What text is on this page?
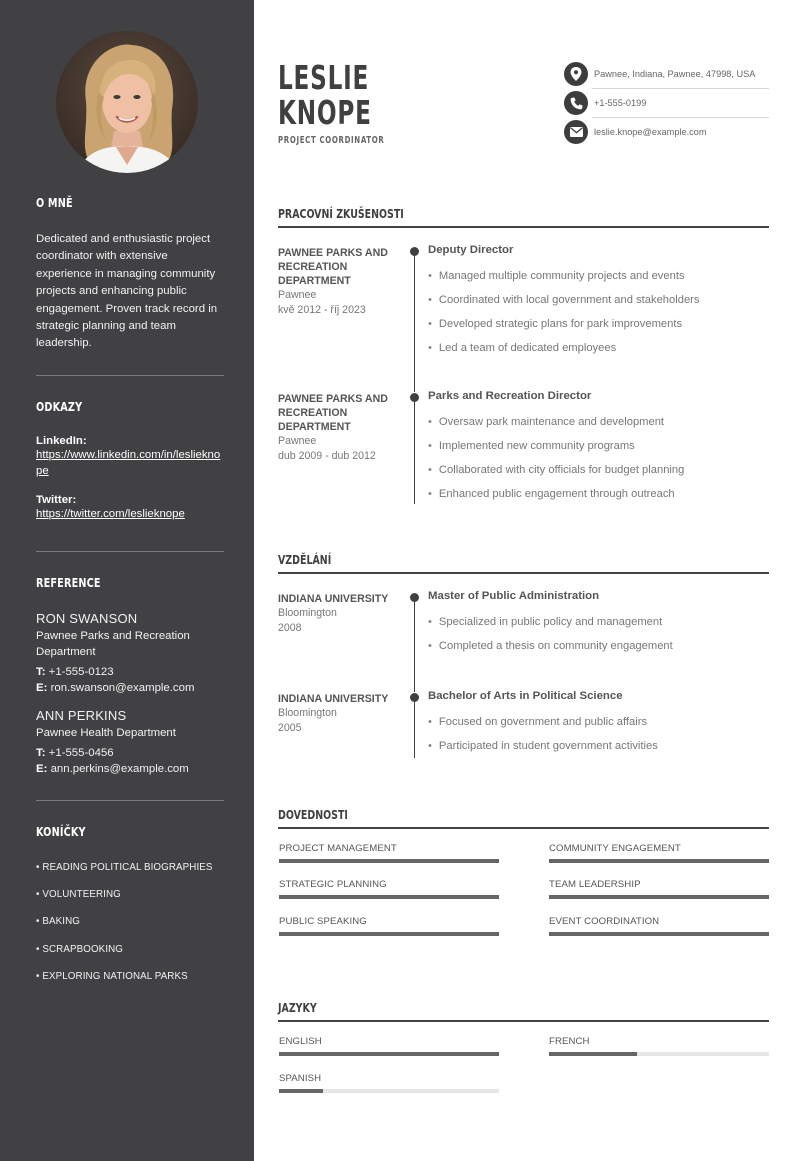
O MNĚ
Dedicated and enthusiastic project coordinator with extensive experience in managing community projects and enhancing public engagement. Proven track record in strategic planning and team leadership.
ODKAZY
LinkedIn:
https://www.linkedin.com/in/leslieknope
Twitter:
https://twitter.com/leslieknope
REFERENCE
RON SWANSON
Pawnee Parks and Recreation Department
T: +1-555-0123
E: ron.swanson@example.com
ANN PERKINS
Pawnee Health Department
T: +1-555-0456
E: ann.perkins@example.com
KONÍČKY
• READING POLITICAL BIOGRAPHIES
• VOLUNTEERING
• BAKING
• SCRAPBOOKING
• EXPLORING NATIONAL PARKS
LESLIE
KNOPE
PROJECT COORDINATOR
Pawnee, Indiana, Pawnee, 47998, USA
+1-555-0199
leslie.knope@example.com
PRACOVNÍ ZKUŠENOSTI
PAWNEE PARKS AND RECREATION DEPARTMENT
Pawnee
kvě 2012 - říj 2023
Deputy Director
• Managed multiple community projects and events
• Coordinated with local government and stakeholders
• Developed strategic plans for park improvements
• Led a team of dedicated employees
PAWNEE PARKS AND RECREATION DEPARTMENT
Pawnee
dub 2009 - dub 2012
Parks and Recreation Director
• Oversaw park maintenance and development
• Implemented new community programs
• Collaborated with city officials for budget planning
• Enhanced public engagement through outreach
VZDĚLÁNÍ
INDIANA UNIVERSITY
Bloomington
2008
Master of Public Administration
• Specialized in public policy and management
• Completed a thesis on community engagement
INDIANA UNIVERSITY
Bloomington
2005
Bachelor of Arts in Political Science
• Focused on government and public affairs
• Participated in student government activities
DOVEDNOSTI
PROJECT MANAGEMENT	COMMUNITY ENGAGEMENT
STRATEGIC PLANNING	TEAM LEADERSHIP
PUBLIC SPEAKING	EVENT COORDINATION
JAZYKY
ENGLISH	FRENCH
SPANISH
